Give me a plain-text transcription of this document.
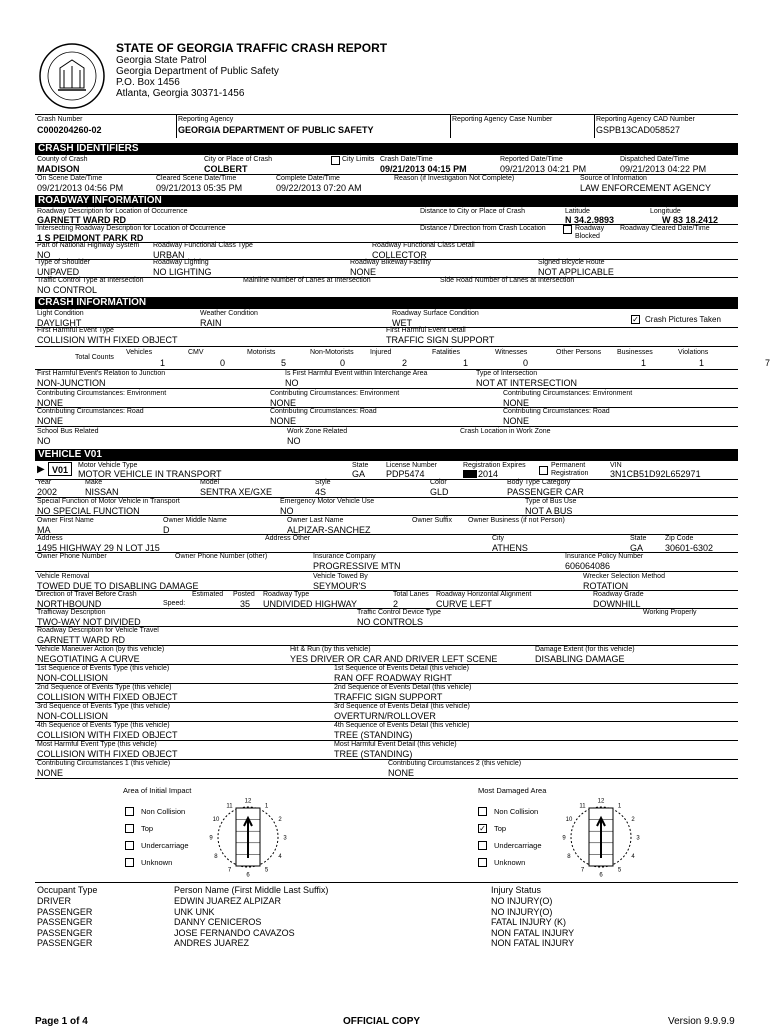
STATE OF GEORGIA TRAFFIC CRASH REPORT
Georgia State Patrol
Georgia Department of Public Safety
P.O. Box 1456
Atlanta, Georgia 30371-1456
Crash Number
C000204260-02
Reporting Agency
GEORGIA DEPARTMENT OF PUBLIC SAFETY
Reporting Agency Case Number	Reporting Agency CAD Number
GSPB13CAD058527
CRASH IDENTIFIERS
County of Crash
MADISON
City or Place of Crash
COLBERT
City Limits Crash Date/Time
09/21/2013 04:15 PM
Reported Date/Time
09/21/2013 04:21 PM
Dispatched Date/Time
09/21/2013 04:22 PM
On Scene Date/Time
09/21/2013 04:56 PM
Cleared Scene Date/Time
09/21/2013 05:35 PM
Complete Date/Time
09/22/2013 07:20 AM
Reason (if Investigation Not Complete)	Source of Information
LAW ENFORCEMENT AGENCY
ROADWAY INFORMATION
Roadway Description for Location of Occurrence
GARNETT WARD RD
Distance to City or Place of Crash	Latitude
N 34.2.9893
Longitude
W 83 18.2412
Intersecting Roadway Description for Location of Occurrence
1 S PEIDMONT PARK RD
Distance / Direction from Crash Location	Roadway Blocked
Roadway Cleared Date/Time
Part of National Highway System
NO
Roadway Functional Class Type
URBAN
Roadway Functional Class Detail
COLLECTOR
Type of Shoulder
UNPAVED
Roadway Lighting
NO LIGHTING
Roadway Bikeway Facility
NONE
Signed Bicycle Route
NOT APPLICABLE
Traffic Control Type at Intersection
NO CONTROL
Mainline Number of Lanes at Intersection	Side Road Number of Lanes at Intersection
CRASH INFORMATION
Light Condition
DAYLIGHT
Weather Condition
RAIN
Roadway Surface Condition
WET	✓ Crash Pictures Taken
First Harmful Event Type
COLLISION WITH FIXED OBJECT
First Harmful Event Detail
TRAFFIC SIGN SUPPORT
Total Counts
Vehicles
1
CMV
0
Motorists
5
Non-Motorists
0
Injured
2
Fatalities
1
Witnesses
0
Other Persons
1
Businesses
1
Violations
7
First Harmful Event's Relation to Junction
NON-JUNCTION
Is First Harmful Event within Interchange Area
NO
Type of Intersection
NOT AT INTERSECTION
Contributing Circumstances: Environment
NONE
Contributing Circumstances: Environment
NONE
Contributing Circumstances: Environment
NONE
Contributing Circumstances: Road
NONE
Contributing Circumstances: Road
NONE
Contributing Circumstances: Road
NONE
School Bus Related
NO
Work Zone Related
NO
Crash Location in Work Zone
VEHICLE V01
▶ V01 Motor Vehicle Type
MOTOR VEHICLE IN TRANSPORT
State
GA
License Number
PDP5474
Registration Expires
2014
Permanent Registration
VIN
3N1CB51D92L652971
Year
2002
Make
NISSAN
Model
SENTRA XE/GXE
Style
4S
Color
GLD
Body Type Category
PASSENGER CAR
Special Function of Motor Vehicle in Transport
NO SPECIAL FUNCTION
Emergency Motor Vehicle Use
NO
Type of Bus Use
NOT A BUS
Owner First Name
MA
Owner Middle Name
D
Owner Last Name
ALPIZAR-SANCHEZ
Owner Suffix Owner Business (if not Person)
Address
1495 HIGHWAY 29 N LOT J15
Address Other	City
ATHENS
State
GA
Zip Code
30601-6302
Owner Phone Number	Owner Phone Number (other)	Insurance Company
PROGRESSIVE MTN
Insurance Policy Number
606064086
Vehicle Removal
TOWED DUE TO DISABLING DAMAGE
Vehicle Towed By
SEYMOUR'S
Wrecker Selection Method
ROTATION
Direction of Travel Before Crash
NORTHBOUND
Estimated Posted
Speed:	35
Roadway Type
UNDIVIDED HIGHWAY
Total Lanes
2
Roadway Horizontal Alignment
CURVE LEFT
Roadway Grade
DOWNHILL
Trafficway Description
TWO-WAY NOT DIVIDED
Traffic Control Device Type
NO CONTROLS
Working Properly
Roadway Description for Vehicle Travel
GARNETT WARD RD
Vehicle Maneuver Action (by this vehicle)
NEGOTIATING A CURVE
Hit & Run (by this vehicle)
YES DRIVER OR CAR AND DRIVER LEFT SCENE
Damage Extent (for this vehicle)
DISABLING DAMAGE
1st Sequence of Events Type (this vehicle)
NON-COLLISION
1st Sequence of Events Detail (this vehicle)
RAN OFF ROADWAY RIGHT
2nd Sequence of Events Type (this vehicle)
COLLISION WITH FIXED OBJECT
2nd Sequence of Events Detail (this vehicle)
TRAFFIC SIGN SUPPORT
3rd Sequence of Events Type (this vehicle)
NON-COLLISION
3rd Sequence of Events Detail (this vehicle)
OVERTURN/ROLLOVER
4th Sequence of Events Type (this vehicle)
COLLISION WITH FIXED OBJECT
4th Sequence of Events Detail (this vehicle)
TREE (STANDING)
Most Harmful Event Type (this vehicle)
COLLISION WITH FIXED OBJECT
Most Harmful Event Detail (this vehicle)
TREE (STANDING)
Contributing Circumstances 1 (this vehicle)
NONE
Contributing Circumstances 2 (this vehicle)
NONE
Area of Initial Impact	Most Damaged Area
12
1
2
3
4
5
6
7
8
9
10
11
Non Collision
Top
Undercarriage
Unknown
12
1
2
3
4
5
6
7
8
9
10
11
Non Collision
✓ Top
Undercarriage
Unknown
Occupant Type	Person Name (First Middle Last Suffix)	Injury Status
DRIVER	EDWIN JUAREZ ALPIZAR	NO INJURY(O)
PASSENGER	UNK UNK	NO INJURY(O)
PASSENGER	DANNY CENICEROS	FATAL INJURY (K)
PASSENGER	JOSE FERNANDO CAVAZOS	NON FATAL INJURY
PASSENGER	ANDRES JUAREZ	NON FATAL INJURY
Page 1 of 4	OFFICIAL COPY	Version 9.9.9.9
